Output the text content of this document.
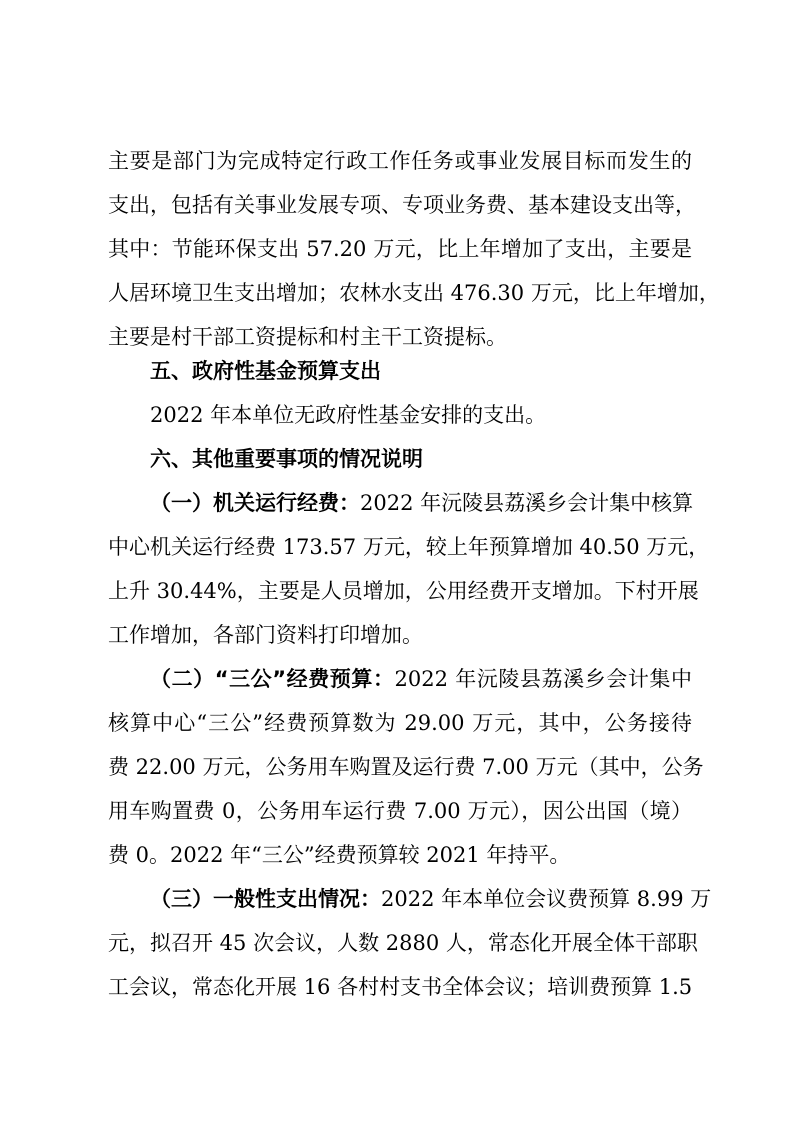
主要是部门为完成特定行政工作任务或事业发展目标而发生的
支出，包括有关事业发展专项、专项业务费、基本建设支出等，
其中：节能环保支出 57.20 万元，比上年增加了支出，主要是
人居环境卫生支出增加；农林水支出 476.30 万元，比上年增加，
主要是村干部工资提标和村主干工资提标。
五、政府性基金预算支出
2022 年本单位无政府性基金安排的支出。
六、其他重要事项的情况说明
（一）机关运行经费：2022 年沅陵县荔溪乡会计集中核算
中心机关运行经费 173.57 万元，较上年预算增加 40.50 万元，
上升 30.44%，主要是人员增加，公用经费开支增加。下村开展
工作增加，各部门资料打印增加。
（二）“三公”经费预算：2022 年沅陵县荔溪乡会计集中
核算中心“三公”经费预算数为 29.00 万元，其中，公务接待
费 22.00 万元，公务用车购置及运行费 7.00 万元（其中，公务
用车购置费 0，公务用车运行费 7.00 万元），因公出国（境）
费 0。2022 年“三公”经费预算较 2021 年持平。
（三）一般性支出情况：2022 年本单位会议费预算 8.99 万
元，拟召开 45 次会议，人数 2880 人，常态化开展全体干部职
工会议，常态化开展 16 各村村支书全体会议；培训费预算 1.5
